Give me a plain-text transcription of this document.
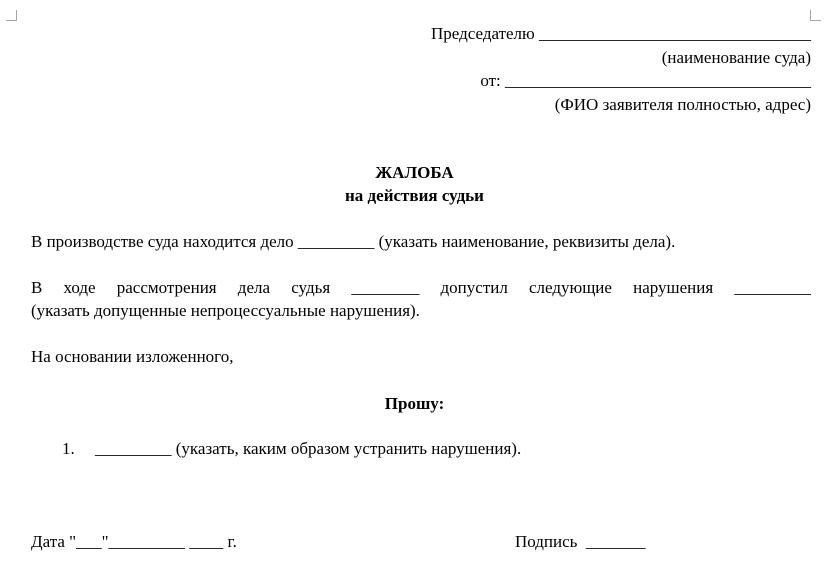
Председателю ________________________________
(наименование суда)
от: ____________________________________
(ФИО заявителя полностью, адрес)
ЖАЛОБА
на действия судьи
В производстве суда находится дело _________ (указать наименование, реквизиты дела).
В ходе рассмотрения дела судья ________ допустил следующие нарушения _________
(указать допущенные непроцессуальные нарушения).
На основании изложенного,
Прошу:
1. _________ (указать, каким образом устранить нарушения).
Дата "___"_________ ____ г.	Подпись  _______
